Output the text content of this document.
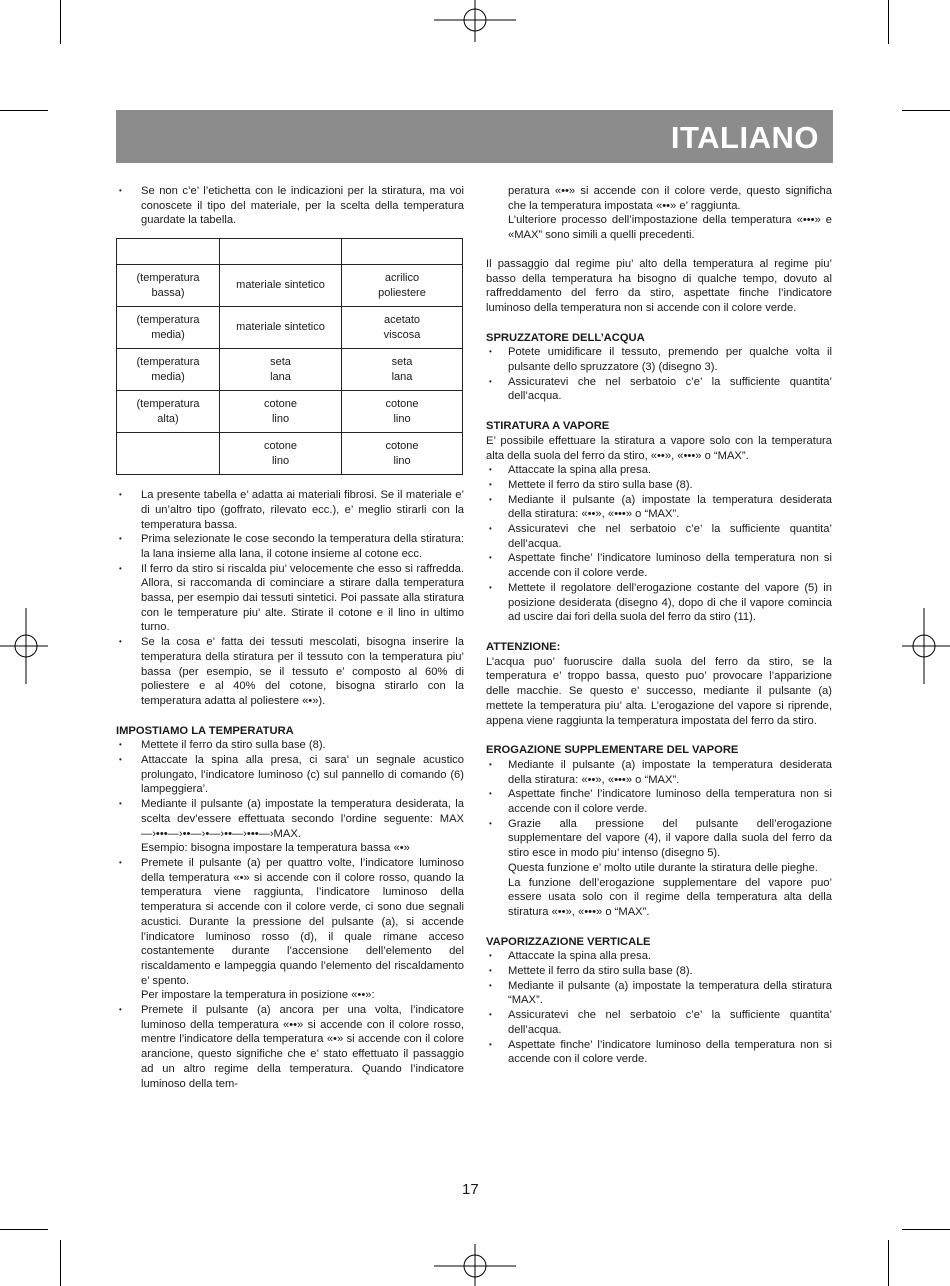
ITALIANO
• Se non c’e’ l’etichetta con le indicazioni per la stiratura, ma voi conoscete il tipo del materiale, per la scelta della temperatura guardate la tabella.

(temperatura bassa)	materiale sintetico	acrilico poliestere
(temperatura media)	materiale sintetico	acetato viscosa
(temperatura media)	seta lana	seta lana
(temperatura alta)	cotone lino	cotone lino
	cotone lino	cotone lino
• La presente tabella e’ adatta ai materiali fibrosi. Se il materiale e’ di un’altro tipo (goffrato, rilevato ecc.), e’ meglio stirarli con la temperatura bassa.
• Prima selezionate le cose secondo la temperatura della stiratura: la lana insieme alla lana, il cotone insieme al cotone ecc.
• Il ferro da stiro si riscalda piu’ velocemente che esso si raffredda. Allora, si raccomanda di cominciare a stirare dalla temperatura bassa, per esempio dai tessuti sintetici. Poi passate alla stiratura con le temperature piu’ alte. Stirate il cotone e il lino in ultimo turno.
• Se la cosa e’ fatta dei tessuti mescolati, bisogna inserire la temperatura della stiratura per il tessuto con la temperatura piu’ bassa (per esempio, se il tessuto e’ composto al 60% di poliestere e al 40% del cotone, bisogna stirarlo con la temperatura adatta al poliestere «•»).
IMPOSTIAMO LA TEMPERATURA
• Mettete il ferro da stiro sulla base (8).
• Attaccate la spina alla presa, ci sara’ un segnale acustico prolungato, l’indicatore luminoso (c) sul pannello di comando (6) lampeggiera’.
• Mediante il pulsante (a) impostate la temperatura desiderata, la scelta dev’essere effettuata secondo l’ordine seguente: MAX—›•••—›••—›•—›••—›•••—›MAX.
Esempio: bisogna impostare la temperatura bassa «•»
• Premete il pulsante (a) per quattro volte, l’indicatore luminoso della temperatura «•» si accende con il colore rosso, quando la temperatura viene raggiunta, l’indicatore luminoso della temperatura si accende con il colore verde, ci sono due segnali acustici. Durante la pressione del pulsante (a), si accende l’indicatore luminoso rosso (d), il quale rimane acceso costantemente durante l’accensione dell’elemento del riscaldamento e lampeggia quando l’elemento del riscaldamento e’ spento.
Per impostare la temperatura in posizione «••»:
• Premete il pulsante (a) ancora per una volta, l’indicatore luminoso della temperatura «••» si accende con il colore rosso, mentre l’indicatore della temperatura «•» si accende con il colore arancione, questo significhe che e’ stato effettuato il passaggio ad un altro regime della temperatura. Quando l’indicatore luminoso della tem-
peratura «••» si accende con il colore verde, questo significha che la temperatura impostata «••» e’ raggiunta.
L’ulteriore processo dell’impostazione della temperatura «•••» e «MAX” sono simili a quelli precedenti.
Il passaggio dal regime piu’ alto della temperatura al regime piu’ basso della temperatura ha bisogno di qualche tempo, dovuto al raffreddamento del ferro da stiro, aspettate finche l’indicatore luminoso della temperatura non si accende con il colore verde.
SPRUZZATORE DELL’ACQUA
• Potete umidificare il tessuto, premendo per qualche volta il pulsante dello spruzzatore (3) (disegno 3).
• Assicuratevi che nel serbatoio c’e’ la sufficiente quantita’ dell’acqua.
STIRATURA A VAPORE
E’ possibile effettuare la stiratura a vapore solo con la temperatura alta della suola del ferro da stiro, «••», «•••» o “MAX”.
• Attaccate la spina alla presa.
• Mettete il ferro da stiro sulla base (8).
• Mediante il pulsante (a) impostate la temperatura desiderata della stiratura: «••», «•••» o “MAX”.
• Assicuratevi che nel serbatoio c’e’ la sufficiente quantita’ dell’acqua.
• Aspettate finche’ l’indicatore luminoso della temperatura non si accende con il colore verde.
• Mettete il regolatore dell’erogazione costante del vapore (5) in posizione desiderata (disegno 4), dopo di che il vapore comincia ad uscire dai fori della suola del ferro da stiro (11).
ATTENZIONE:
L’acqua puo’ fuoruscire dalla suola del ferro da stiro, se la temperatura e’ troppo bassa, questo puo’ provocare l’apparizione delle macchie. Se questo e’ successo, mediante il pulsante (a) mettete la temperatura piu’ alta. L’erogazione del vapore si riprende, appena viene raggiunta la temperatura impostata del ferro da stiro.
EROGAZIONE SUPPLEMENTARE DEL VAPORE
• Mediante il pulsante (a) impostate la temperatura desiderata della stiratura: «••», «•••» o “MAX”.
• Aspettate finche’ l’indicatore luminoso della temperatura non si accende con il colore verde.
• Grazie alla pressione del pulsante dell’erogazione supplementare del vapore (4), il vapore dalla suola del ferro da stiro esce in modo piu’ intenso (disegno 5).
Questa funzione e’ molto utile durante la stiratura delle pieghe.
La funzione dell’erogazione supplementare del vapore puo’ essere usata solo con il regime della temperatura alta della stiratura «••», «•••» o “MAX”.
VAPORIZZAZIONE VERTICALE
• Attaccate la spina alla presa.
• Mettete il ferro da stiro sulla base (8).
• Mediante il pulsante (a) impostate la temperatura della stiratura “MAX”.
• Assicuratevi che nel serbatoio c’e’ la sufficiente quantita’ dell’acqua.
• Aspettate finche’ l’indicatore luminoso della temperatura non si accende con il colore verde.
17
